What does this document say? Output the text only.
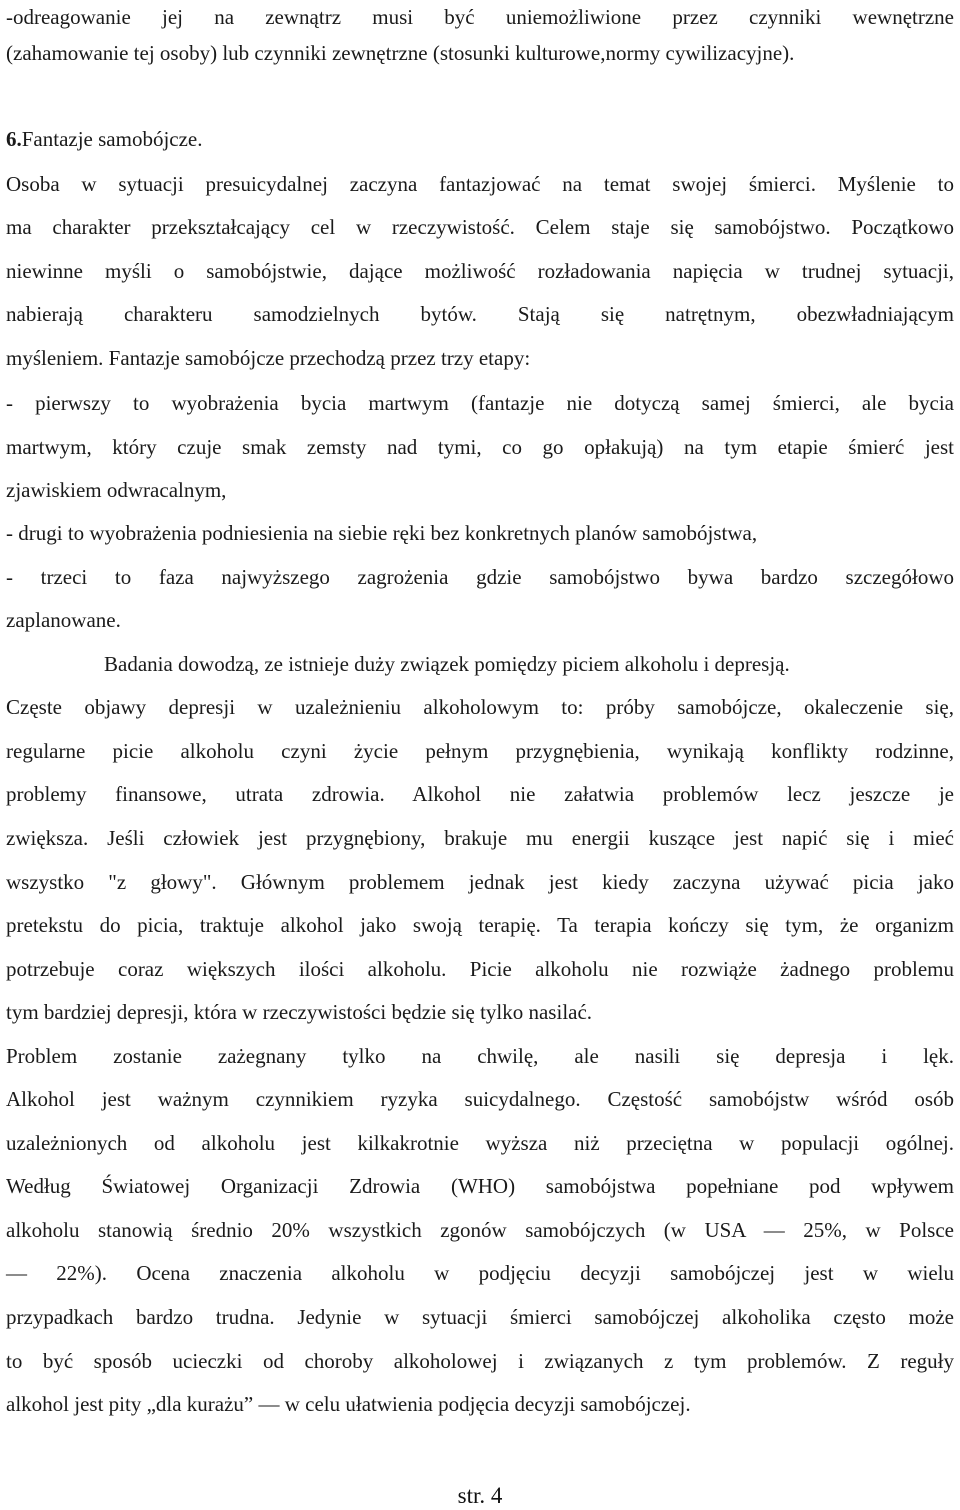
-odreagowanie jej na zewnątrz musi być uniemożliwione przez czynniki wewnętrzne
(zahamowanie tej osoby) lub czynniki zewnętrzne (stosunki kulturowe,normy cywilizacyjne).
6.Fantazje samobójcze.
Osoba w sytuacji presuicydalnej zaczyna fantazjować na temat swojej śmierci. Myślenie to
ma charakter przekształcający cel w rzeczywistość. Celem staje się samobójstwo. Początkowo
niewinne myśli o samobójstwie, dające możliwość rozładowania napięcia w trudnej sytuacji,
nabierają charakteru samodzielnych bytów. Stają się natrętnym, obezwładniającym
myśleniem. Fantazje samobójcze przechodzą przez trzy etapy:
- pierwszy to wyobrażenia bycia martwym (fantazje nie dotyczą samej śmierci, ale bycia
martwym, który czuje smak zemsty nad tymi, co go opłakują) na tym etapie śmierć jest
zjawiskiem odwracalnym,
- drugi to wyobrażenia podniesienia na siebie ręki bez konkretnych planów samobójstwa,
- trzeci to faza najwyższego zagrożenia gdzie samobójstwo bywa bardzo szczegółowo
zaplanowane.
Badania dowodzą, ze istnieje duży związek pomiędzy piciem alkoholu i depresją.
Częste objawy depresji w uzależnieniu alkoholowym to: próby samobójcze, okaleczenie się,
regularne picie alkoholu czyni życie pełnym przygnębienia, wynikają konflikty rodzinne,
problemy finansowe, utrata zdrowia. Alkohol nie załatwia problemów lecz jeszcze je
zwiększa. Jeśli człowiek jest przygnębiony, brakuje mu energii kuszące jest napić się i mieć
wszystko "z głowy". Głównym problemem jednak jest kiedy zaczyna używać picia jako
pretekstu do picia, traktuje alkohol jako swoją terapię. Ta terapia kończy się tym, że organizm
potrzebuje coraz większych ilości alkoholu. Picie alkoholu nie rozwiąże żadnego problemu
tym bardziej depresji, która w rzeczywistości będzie się tylko nasilać.
Problem zostanie zażegnany tylko na chwilę, ale nasili się depresja i lęk.
Alkohol jest ważnym czynnikiem ryzyka suicydalnego. Częstość samobójstw wśród osób
uzależnionych od alkoholu jest kilkakrotnie wyższa niż przeciętna w populacji ogólnej.
Według Światowej Organizacji Zdrowia (WHO) samobójstwa popełniane pod wpływem
alkoholu stanowią średnio 20% wszystkich zgonów samobójczych (w USA — 25%, w Polsce
— 22%). Ocena znaczenia alkoholu w podjęciu decyzji samobójczej jest w wielu
przypadkach bardzo trudna. Jedynie w sytuacji śmierci samobójczej alkoholika często może
to być sposób ucieczki od choroby alkoholowej i związanych z tym problemów. Z reguły
alkohol jest pity „dla kurażu” — w celu ułatwienia podjęcia decyzji samobójczej.
str. 4
